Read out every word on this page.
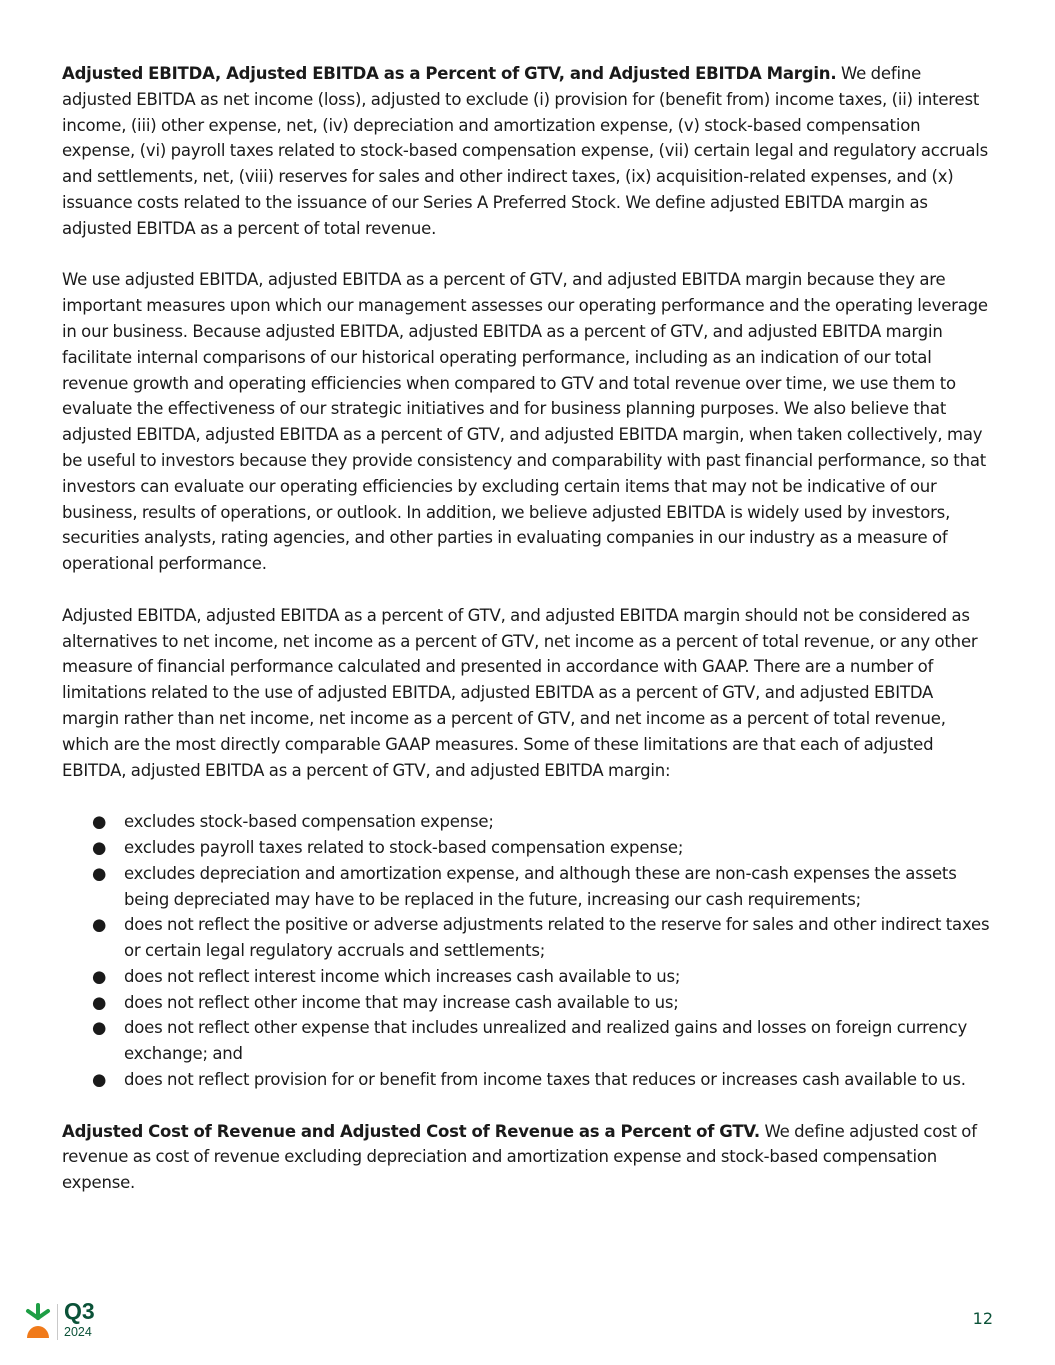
Adjusted EBITDA, Adjusted EBITDA as a Percent of GTV, and Adjusted EBITDA Margin. We define adjusted EBITDA as net income (loss), adjusted to exclude (i) provision for (benefit from) income taxes, (ii) interest income, (iii) other expense, net, (iv) depreciation and amortization expense, (v) stock-based compensation expense, (vi) payroll taxes related to stock-based compensation expense, (vii) certain legal and regulatory accruals and settlements, net, (viii) reserves for sales and other indirect taxes, (ix) acquisition-related expenses, and (x) issuance costs related to the issuance of our Series A Preferred Stock. We define adjusted EBITDA margin as adjusted EBITDA as a percent of total revenue.

We use adjusted EBITDA, adjusted EBITDA as a percent of GTV, and adjusted EBITDA margin because they are important measures upon which our management assesses our operating performance and the operating leverage in our business. Because adjusted EBITDA, adjusted EBITDA as a percent of GTV, and adjusted EBITDA margin facilitate internal comparisons of our historical operating performance, including as an indication of our total revenue growth and operating efficiencies when compared to GTV and total revenue over time, we use them to evaluate the effectiveness of our strategic initiatives and for business planning purposes. We also believe that adjusted EBITDA, adjusted EBITDA as a percent of GTV, and adjusted EBITDA margin, when taken collectively, may be useful to investors because they provide consistency and comparability with past financial performance, so that investors can evaluate our operating efficiencies by excluding certain items that may not be indicative of our business, results of operations, or outlook. In addition, we believe adjusted EBITDA is widely used by investors, securities analysts, rating agencies, and other parties in evaluating companies in our industry as a measure of operational performance.

Adjusted EBITDA, adjusted EBITDA as a percent of GTV, and adjusted EBITDA margin should not be considered as alternatives to net income, net income as a percent of GTV, net income as a percent of total revenue, or any other measure of financial performance calculated and presented in accordance with GAAP. There are a number of limitations related to the use of adjusted EBITDA, adjusted EBITDA as a percent of GTV, and adjusted EBITDA margin rather than net income, net income as a percent of GTV, and net income as a percent of total revenue, which are the most directly comparable GAAP measures. Some of these limitations are that each of adjusted EBITDA, adjusted EBITDA as a percent of GTV, and adjusted EBITDA margin:

● excludes stock-based compensation expense;
● excludes payroll taxes related to stock-based compensation expense;
● excludes depreciation and amortization expense, and although these are non-cash expenses the assets being depreciated may have to be replaced in the future, increasing our cash requirements;
● does not reflect the positive or adverse adjustments related to the reserve for sales and other indirect taxes or certain legal regulatory accruals and settlements;
● does not reflect interest income which increases cash available to us;
● does not reflect other income that may increase cash available to us;
● does not reflect other expense that includes unrealized and realized gains and losses on foreign currency exchange; and
● does not reflect provision for or benefit from income taxes that reduces or increases cash available to us.

Adjusted Cost of Revenue and Adjusted Cost of Revenue as a Percent of GTV. We define adjusted cost of revenue as cost of revenue excluding depreciation and amortization expense and stock-based compensation expense.

Q3
2024
12
